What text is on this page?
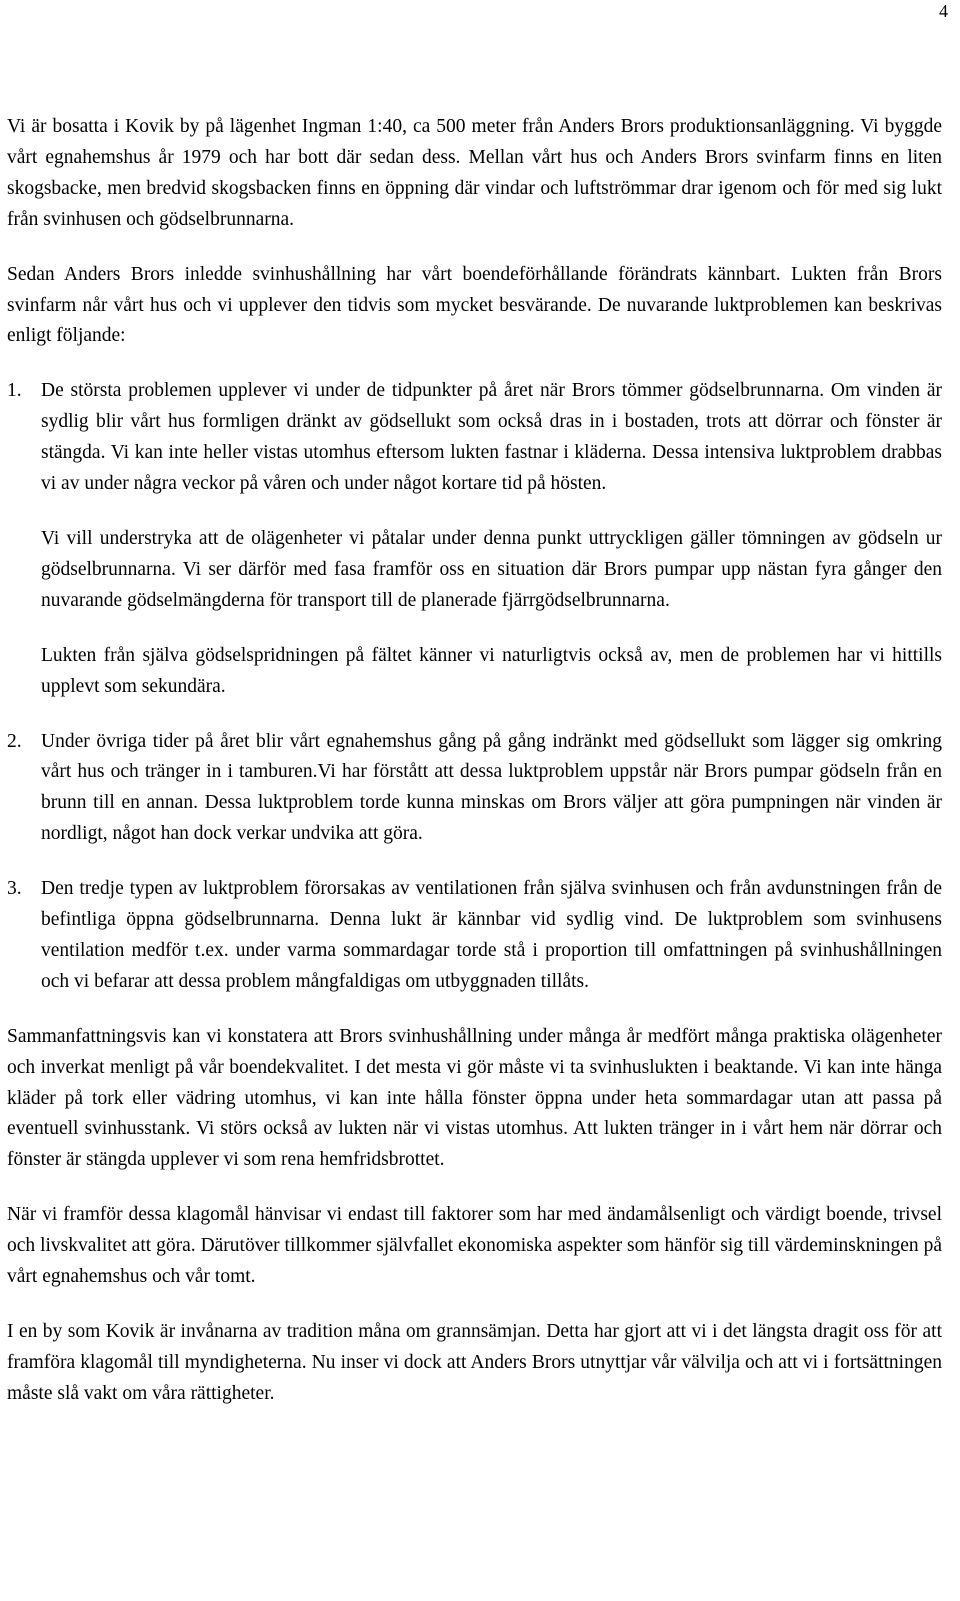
4

Vi är bosatta i Kovik by på lägenhet Ingman 1:40, ca 500 meter från Anders Brors produktionsanläggning. Vi byggde vårt egnahemshus år 1979 och har bott där sedan dess. Mellan vårt hus och Anders Brors svinfarm finns en liten skogsbacke, men bredvid skogsbacken finns en öppning där vindar och luftströmmar drar igenom och för med sig lukt från svinhusen och gödselbrunnarna.

Sedan Anders Brors inledde svinhushållning har vårt boendeförhållande förändrats kännbart. Lukten från Brors svinfarm når vårt hus och vi upplever den tidvis som mycket besvärande. De nuvarande luktproblemen kan beskrivas enligt följande:

1. De största problemen upplever vi under de tidpunkter på året när Brors tömmer gödselbrunnarna. Om vinden är sydlig blir vårt hus formligen dränkt av gödsellukt som också dras in i bostaden, trots att dörrar och fönster är stängda. Vi kan inte heller vistas utomhus eftersom lukten fastnar i kläderna. Dessa intensiva luktproblem drabbas vi av under några veckor på våren och under något kortare tid på hösten.

Vi vill understryka att de olägenheter vi påtalar under denna punkt uttryckligen gäller tömningen av gödseln ur gödselbrunnarna. Vi ser därför med fasa framför oss en situation där Brors pumpar upp nästan fyra gånger den nuvarande gödselmängderna för transport till de planerade fjärrgödselbrunnarna.

Lukten från själva gödselspridningen på fältet känner vi naturligtvis också av, men de problemen har vi hittills upplevt som sekundära.

2. Under övriga tider på året blir vårt egnahemshus gång på gång indränkt med gödsellukt som lägger sig omkring vårt hus och tränger in i tamburen.Vi har förstått att dessa luktproblem uppstår när Brors pumpar gödseln från en brunn till en annan. Dessa luktproblem torde kunna minskas om Brors väljer att göra pumpningen när vinden är nordligt, något han dock verkar undvika att göra.
3. Den tredje typen av luktproblem förorsakas av ventilationen från själva svinhusen och från avdunstningen från de befintliga öppna gödselbrunnarna. Denna lukt är kännbar vid sydlig vind. De luktproblem som svinhusens ventilation medför t.ex. under varma sommardagar torde stå i proportion till omfattningen på svinhushållningen och vi befarar att dessa problem mångfaldigas om utbyggnaden tillåts.

Sammanfattningsvis kan vi konstatera att Brors svinhushållning under många år medfört många praktiska olägenheter och inverkat menligt på vår boendekvalitet. I det mesta vi gör måste vi ta svinhuslukten i beaktande. Vi kan inte hänga kläder på tork eller vädring utomhus, vi kan inte hålla fönster öppna under heta sommardagar utan att passa på eventuell svinhusstank. Vi störs också av lukten när vi vistas utomhus. Att lukten tränger in i vårt hem när dörrar och fönster är stängda upplever vi som rena hemfridsbrottet.

När vi framför dessa klagomål hänvisar vi endast till faktorer som har med ändamålsenligt och värdigt boende, trivsel och livskvalitet att göra. Därutöver tillkommer självfallet ekonomiska aspekter som hänför sig till värdeminskningen på vårt egnahemshus och vår tomt.

I en by som Kovik är invånarna av tradition måna om grannsämjan. Detta har gjort att vi i det längsta dragit oss för att framföra klagomål till myndigheterna. Nu inser vi dock att Anders Brors utnyttjar vår välvilja och att vi i fortsättningen måste slå vakt om våra rättigheter.
